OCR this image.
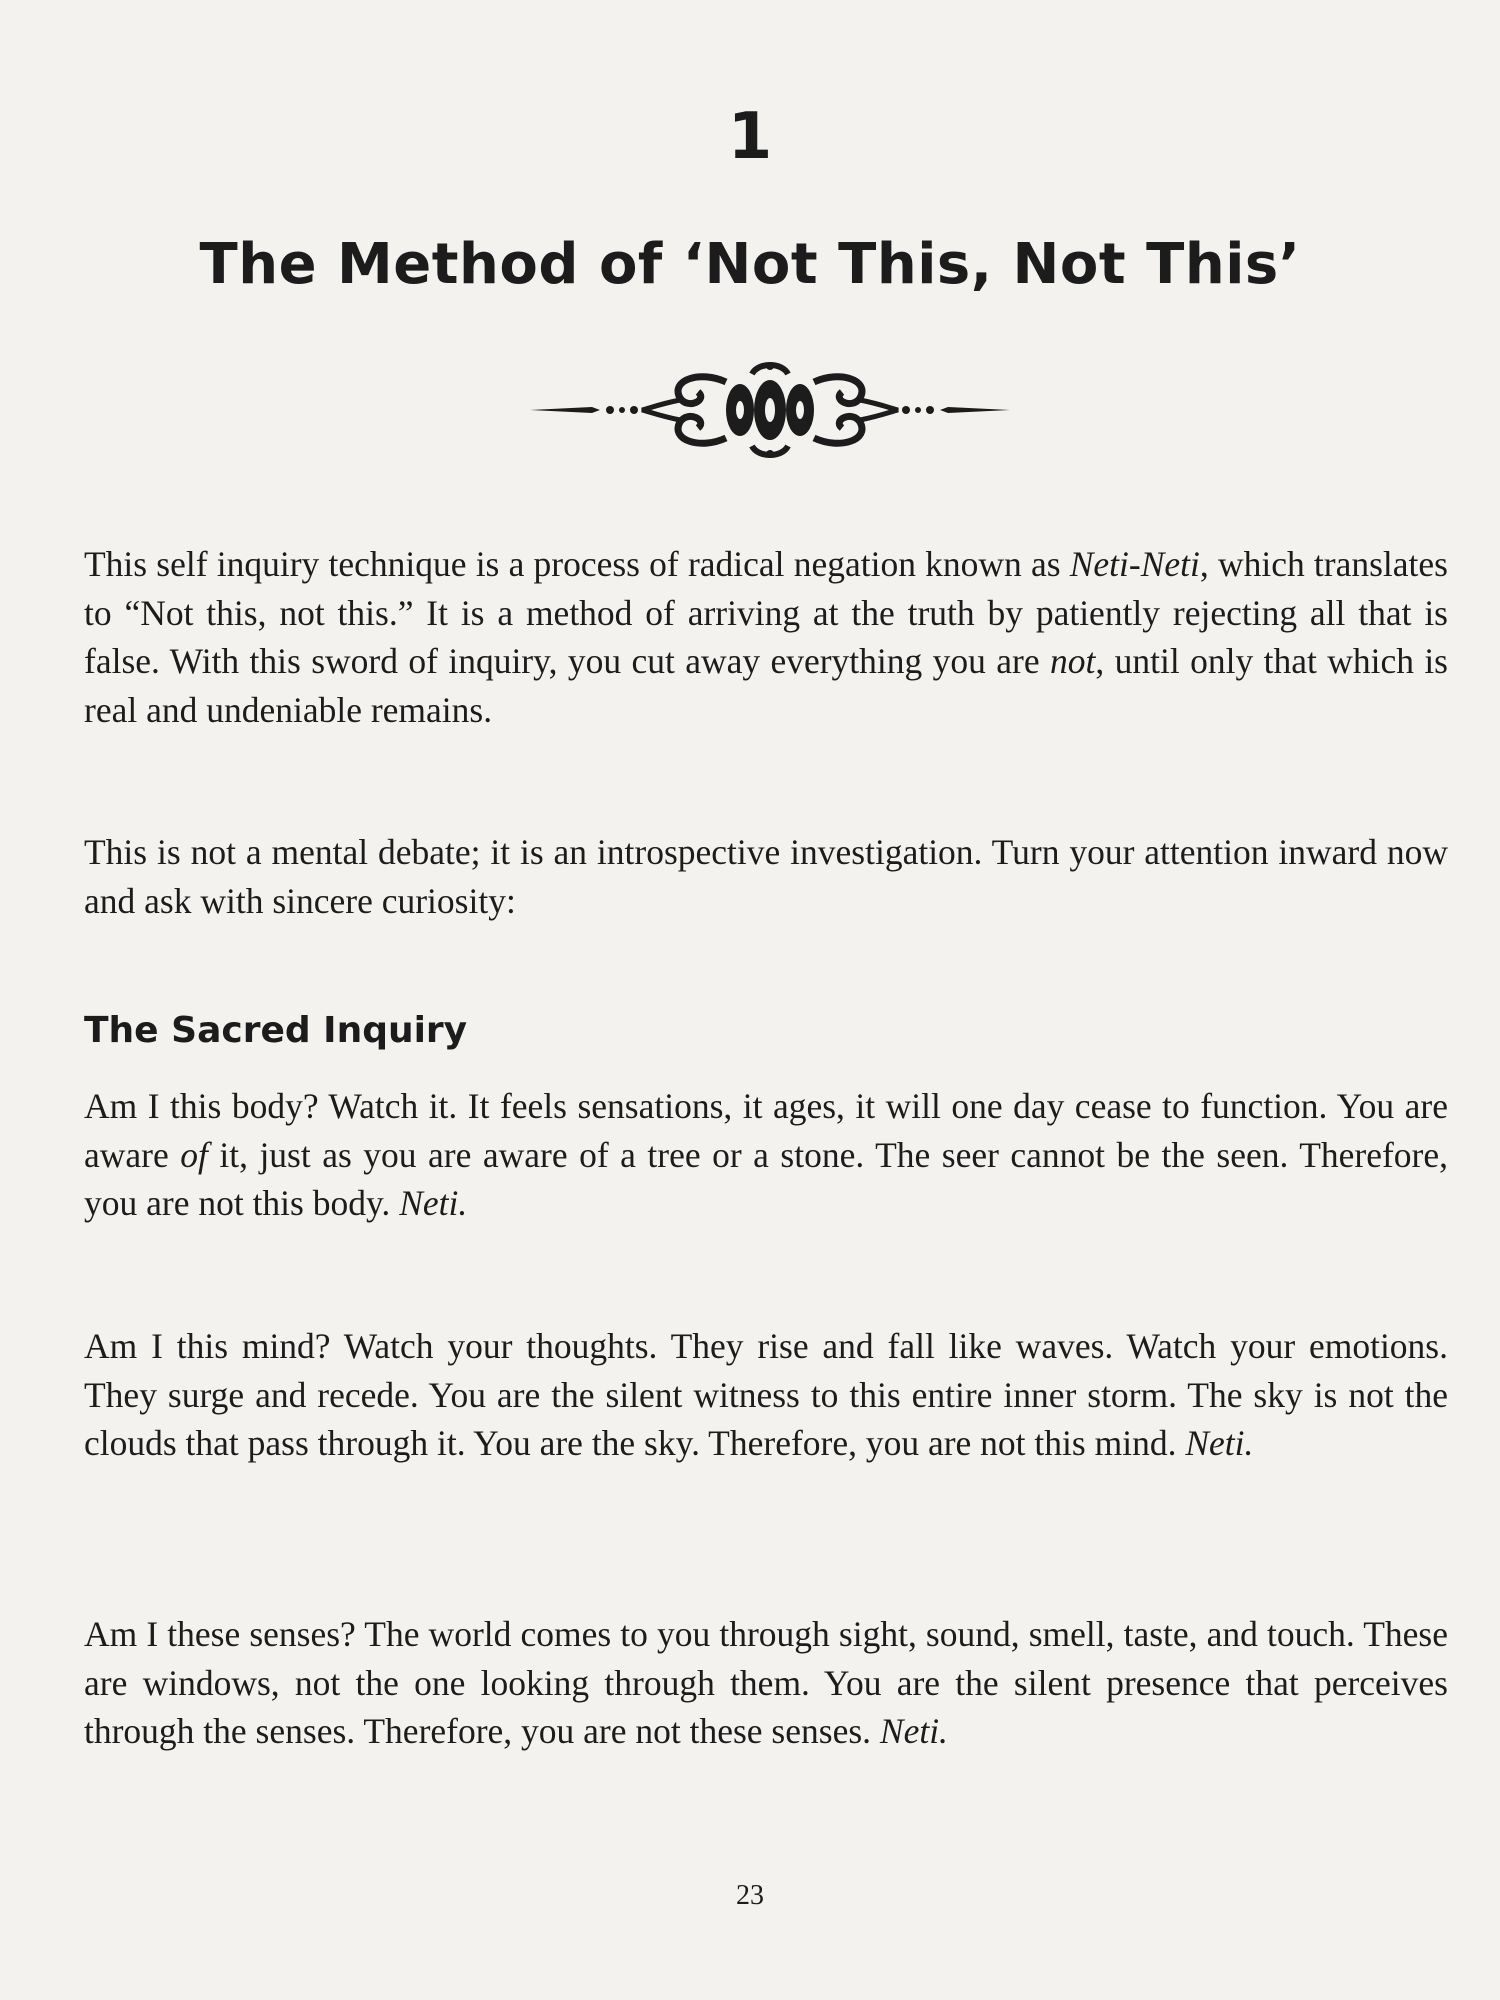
1
The Method of ‘Not This, Not This’

This self inquiry technique is a process of radical negation known as Neti-Neti, which translates to “Not this, not this.” It is a method of arriving at the truth by patiently rejecting all that is false. With this sword of inquiry, you cut away everything you are not, until only that which is real and undeniable remains.

This is not a mental debate; it is an introspective investigation. Turn your attention inward now and ask with sincere curiosity:

The Sacred Inquiry

Am I this body? Watch it. It feels sensations, it ages, it will one day cease to function. You are aware of it, just as you are aware of a tree or a stone. The seer cannot be the seen. Therefore, you are not this body. Neti.

Am I this mind? Watch your thoughts. They rise and fall like waves. Watch your emotions. They surge and recede. You are the silent witness to this entire inner storm. The sky is not the clouds that pass through it. You are the sky. Therefore, you are not this mind. Neti.

Am I these senses? The world comes to you through sight, sound, smell, taste, and touch. These are windows, not the one looking through them. You are the silent presence that perceives through the senses. Therefore, you are not these senses. Neti.

23
